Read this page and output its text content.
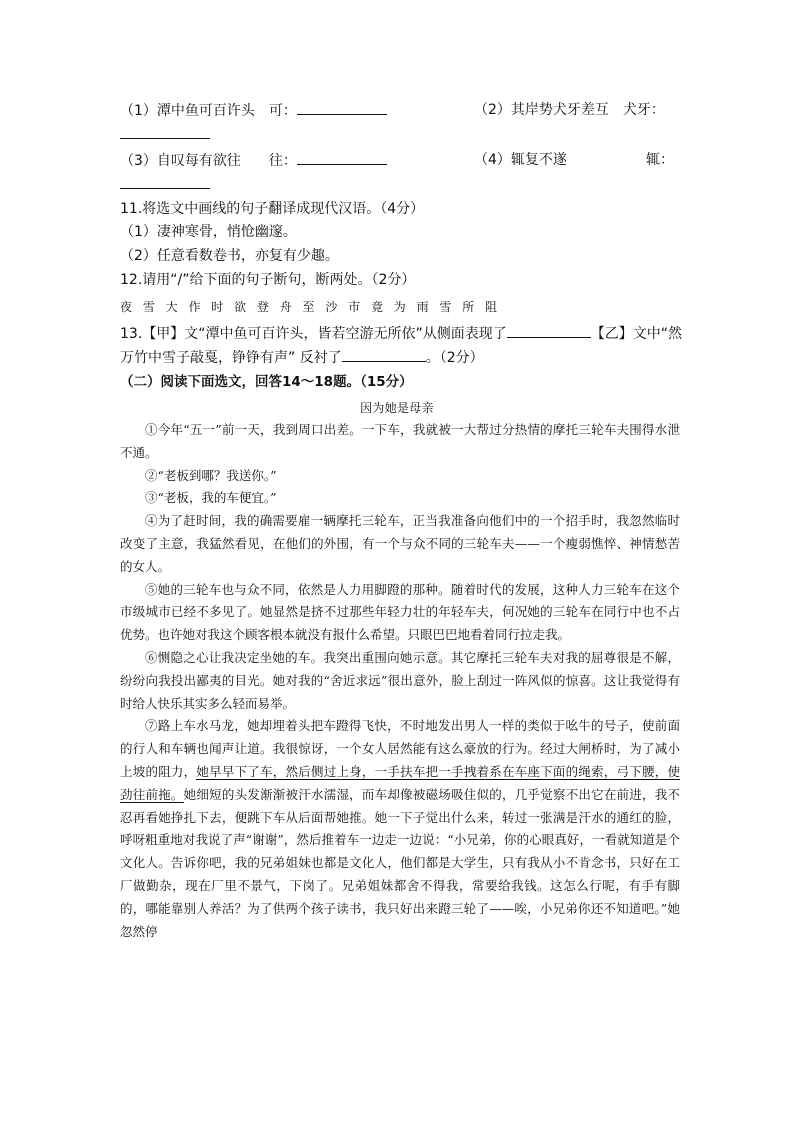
（1）潭中鱼可百许头　可：	（2）其岸势犬牙差互　犬牙：
（3）自叹每有欲往　　往：	（4）辄复不遂	辄：
11.将选文中画线的句子翻译成现代汉语。（4分）
（1）凄神寒骨，悄怆幽邃。
（2）任意看数卷书，亦复有少趣。
12.请用“/”给下面的句子断句，断两处。（2分）
夜 雪 大 作 时 欲 登 舟 至 沙 市 竟 为 雨 雪 所 阻
13.【甲】文“潭中鱼可百许头，皆若空游无所依”从侧面表现了	【乙】文中“然
万竹中雪子敲戛，铮铮有声” 反衬了	。（2分）
（二）阅读下面选文，回答14～18题。（15分）
因为她是母亲

①今年“五一”前一天，我到周口出差。一下车，我就被一大帮过分热情的摩托三轮车夫围得水泄不通。

②“老板到哪？我送你。”

③“老板，我的车便宜。”

④为了赶时间，我的确需要雇一辆摩托三轮车，正当我准备向他们中的一个招手时，我忽然临时改变了主意，我猛然看见，在他们的外围，有一个与众不同的三轮车夫——一个瘦弱憔悴、神情愁苦的女人。

⑤她的三轮车也与众不同，依然是人力用脚蹬的那种。随着时代的发展，这种人力三轮车在这个市级城市已经不多见了。她显然是挤不过那些年轻力壮的年轻车夫，何况她的三轮车在同行中也不占优势。也许她对我这个顾客根本就没有报什么希望。只眼巴巴地看着同行拉走我。

⑥恻隐之心让我决定坐她的车。我突出重围向她示意。其它摩托三轮车夫对我的屈尊很是不解，纷纷向我投出鄙夷的目光。她对我的“舍近求远”很出意外，脸上刮过一阵风似的惊喜。这让我觉得有时给人快乐其实多么轻而易举。

⑦路上车水马龙，她却埋着头把车蹬得飞快，不时地发出男人一样的类似于吆牛的号子，使前面的行人和车辆也闻声让道。我很惊讶，一个女人居然能有这么豪放的行为。经过大闸桥时，为了减小上坡的阻力，她早早下了车，然后侧过上身，一手扶车把一手拽着系在车座下面的绳索，弓下腰，使劲往前拖。她细短的头发渐渐被汗水濡湿，而车却像被磁场吸住似的，几乎觉察不出它在前进，我不忍再看她挣扎下去，便跳下车从后面帮她推。她一下子觉出什么来，转过一张满是汗水的通红的脸，呼呀粗重地对我说了声“谢谢”，然后推着车一边走一边说：“小兄弟，你的心眼真好，一看就知道是个文化人。告诉你吧，我的兄弟姐妹也都是文化人，他们都是大学生，只有我从小不肯念书，只好在工厂做勤杂，现在厂里不景气，下岗了。兄弟姐妹都舍不得我，常要给我钱。这怎么行呢，有手有脚的，哪能靠别人养活？为了供两个孩子读书，我只好出来蹬三轮了——唉，小兄弟你还不知道吧。”她忽然停
